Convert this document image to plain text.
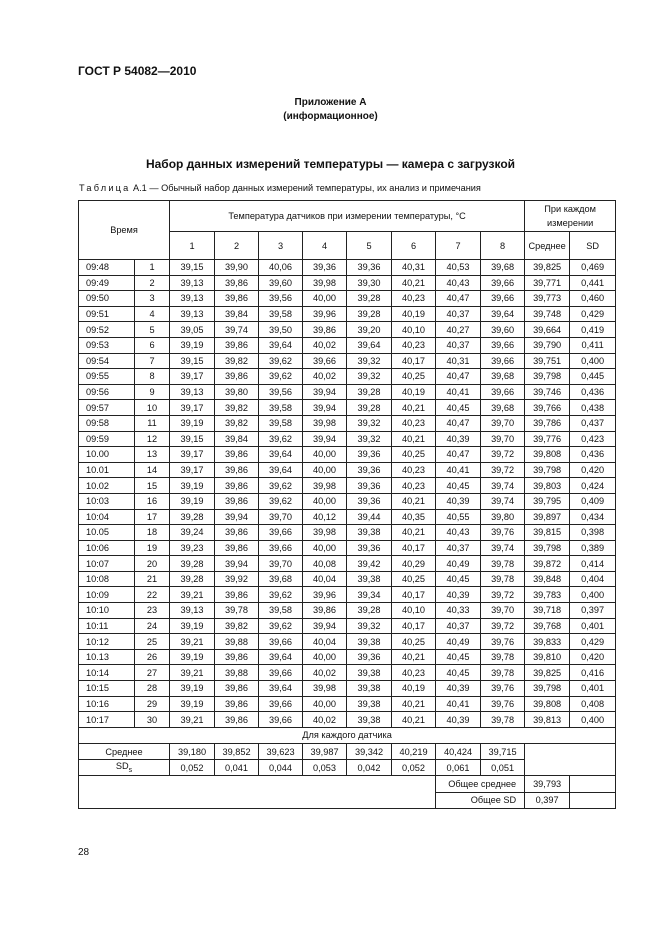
ГОСТ Р 54082—2010
Приложение А
(информационное)
Набор данных измерений температуры — камера с загрузкой
Таблица А.1 — Обычный набор данных измерений температуры, их анализ и примечания
Время		Температура датчиков при измерении температуры, °С								При каждом измерении	
		1	2	3	4	5	6	7	8	Среднее	SD
09:48	1	39,15	39,90	40,06	39,36	39,36	40,31	40,53	39,68	39,825	0,469
09:49	2	39,13	39,86	39,60	39,98	39,30	40,21	40,43	39,66	39,771	0,441
09:50	3	39,13	39,86	39,56	40,00	39,28	40,23	40,47	39,66	39,773	0,460
09:51	4	39,13	39,84	39,58	39,96	39,28	40,19	40,37	39,64	39,748	0,429
09:52	5	39,05	39,74	39,50	39,86	39,20	40,10	40,27	39,60	39,664	0,419
09:53	6	39,19	39,86	39,64	40,02	39,64	40,23	40,37	39,66	39,790	0,411
09:54	7	39,15	39,82	39,62	39,66	39,32	40,17	40,31	39,66	39,751	0,400
09:55	8	39,17	39,86	39,62	40,02	39,32	40,25	40,47	39,68	39,798	0,445
09:56	9	39,13	39,80	39,56	39,94	39,28	40,19	40,41	39,66	39,746	0,436
09:57	10	39,17	39,82	39,58	39,94	39,28	40,21	40,45	39,68	39,766	0,438
09:58	11	39,19	39,82	39,58	39,98	39,32	40,23	40,47	39,70	39,786	0,437
09:59	12	39,15	39,84	39,62	39,94	39,32	40,21	40,39	39,70	39,776	0,423
10.00	13	39,17	39,86	39,64	40,00	39,36	40,25	40,47	39,72	39,808	0,436
10.01	14	39,17	39,86	39,64	40,00	39,36	40,23	40,41	39,72	39,798	0,420
10.02	15	39,19	39,86	39,62	39,98	39,36	40,23	40,45	39,74	39,803	0,424
10:03	16	39,19	39,86	39,62	40,00	39,36	40,21	40,39	39,74	39,795	0,409
10:04	17	39,28	39,94	39,70	40,12	39,44	40,35	40,55	39,80	39,897	0,434
10.05	18	39,24	39,86	39,66	39,98	39,38	40,21	40,43	39,76	39,815	0,398
10:06	19	39,23	39,86	39,66	40,00	39,36	40,17	40,37	39,74	39,798	0,389
10:07	20	39,28	39,94	39,70	40,08	39,42	40,29	40,49	39,78	39,872	0,414
10:08	21	39,28	39,92	39,68	40,04	39,38	40,25	40,45	39,78	39,848	0,404
10:09	22	39,21	39,86	39,62	39,96	39,34	40,17	40,39	39,72	39,783	0,400
10:10	23	39,13	39,78	39,58	39,86	39,28	40,10	40,33	39,70	39,718	0,397
10:11	24	39,19	39,82	39,62	39,94	39,32	40,17	40,37	39,72	39,768	0,401
10:12	25	39,21	39,88	39,66	40,04	39,38	40,25	40,49	39,76	39,833	0,429
10.13	26	39,19	39,86	39,64	40,00	39,36	40,21	40,45	39,78	39,810	0,420
10:14	27	39,21	39,88	39,66	40,02	39,38	40,23	40,45	39,78	39,825	0,416
10:15	28	39,19	39,86	39,64	39,98	39,38	40,19	40,39	39,76	39,798	0,401
10:16	29	39,19	39,86	39,66	40,00	39,38	40,21	40,41	39,76	39,808	0,408
10:17	30	39,21	39,86	39,66	40,02	39,38	40,21	40,39	39,78	39,813	0,400
Для каждого датчика											
Среднее		39,180	39,852	39,623	39,987	39,342	40,219	40,424	39,715		
$SD_s$		0,052	0,041	0,044	0,053	0,042	0,052	0,061	0,051		
								Общее среднее		39,793	
								Общее SD		0,397	
28
